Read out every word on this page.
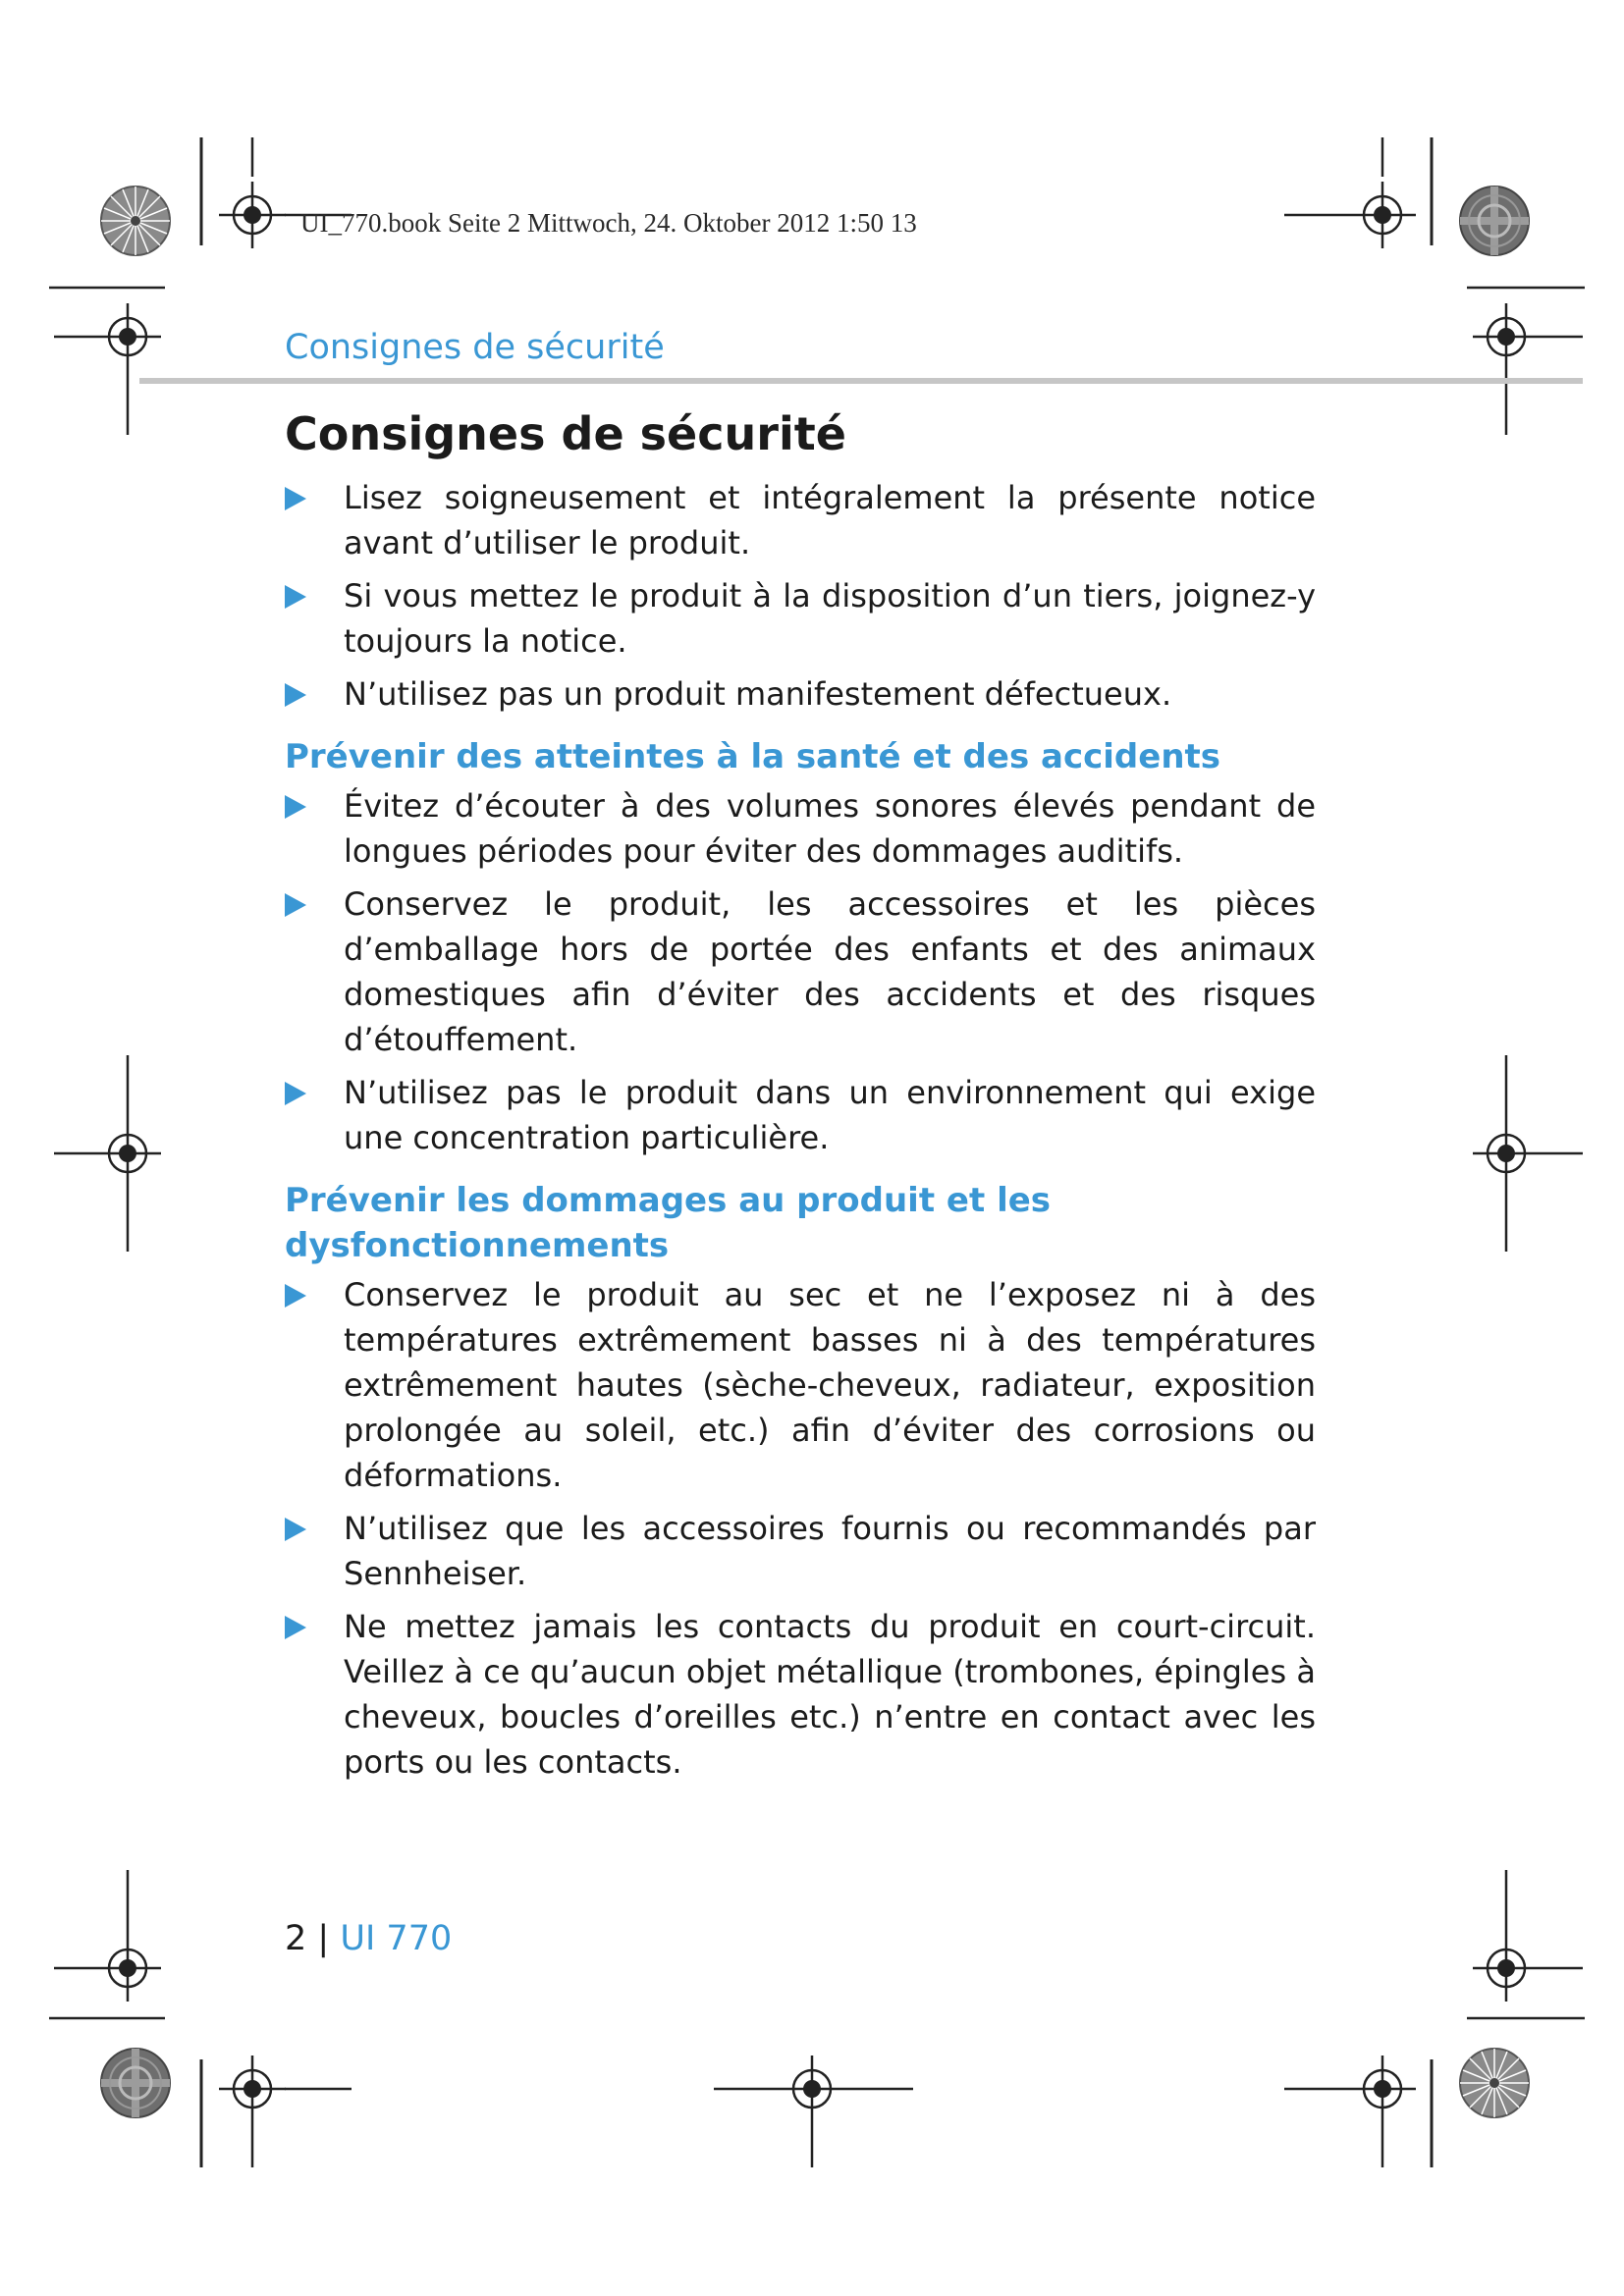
UI_770.book Seite 2 Mittwoch, 24. Oktober 2012 1:50 13
Consignes de sécurité
Consignes de sécurité

Lisez soigneusement et intégralement la présente notice avant d’utiliser le produit.

Si vous mettez le produit à la disposition d’un tiers, joignez-y toujours la notice.

N’utilisez pas un produit manifestement défectueux.

Prévenir des atteintes à la santé et des accidents

Évitez d’écouter à des volumes sonores élevés pendant de longues périodes pour éviter des dommages auditifs.

Conservez le produit, les accessoires et les pièces d’emballage hors de portée des enfants et des animaux domestiques afin d’éviter des accidents et des risques d’étouffement.

N’utilisez pas le produit dans un environnement qui exige une concentration particulière.

Prévenir les dommages au produit et les dysfonctionnements

Conservez le produit au sec et ne l’exposez ni à des températures extrêmement basses ni à des températures extrêmement hautes (sèche-cheveux, radiateur, exposition prolongée au soleil, etc.) afin d’éviter des corrosions ou déformations.

N’utilisez que les accessoires fournis ou recommandés par Sennheiser.

Ne mettez jamais les contacts du produit en court-circuit. Veillez à ce qu’aucun objet métallique (trombones, épingles à cheveux, boucles d’oreilles etc.) n’entre en contact avec les ports ou les contacts.

2 | UI 770
